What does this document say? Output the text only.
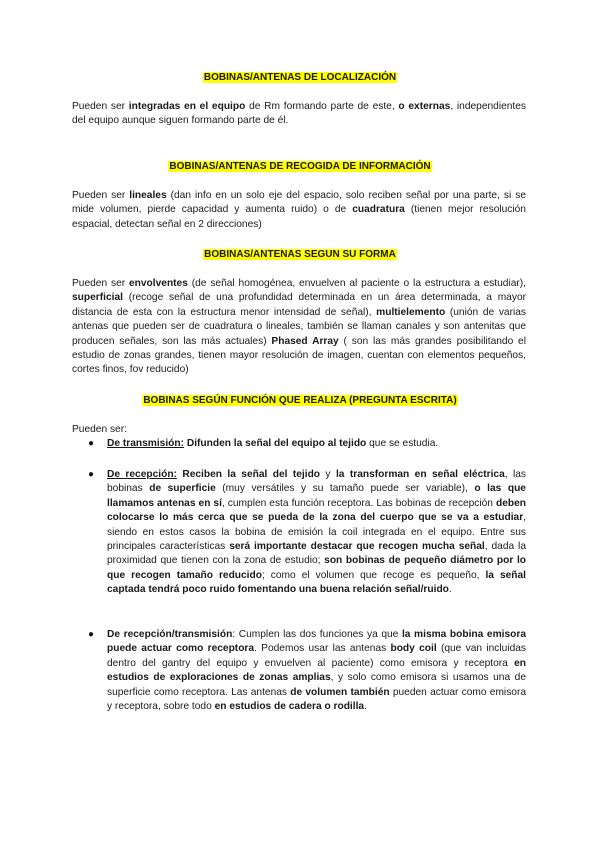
BOBINAS/ANTENAS DE LOCALIZACIÓN

Pueden ser integradas en el equipo de Rm formando parte de este, o externas, independientes del equipo aunque siguen formando parte de él.

BOBINAS/ANTENAS DE RECOGIDA DE INFORMACIÓN

Pueden ser lineales (dan info en un solo eje del espacio, solo reciben señal por una parte, si se mide volumen, pierde capacidad y aumenta ruido) o de cuadratura (tienen mejor resolución espacial, detectan señal en 2 direcciones)

BOBINAS/ANTENAS SEGUN SU FORMA

Pueden ser envolventes (de señal homogénea, envuelven al paciente o la estructura a estudiar), superficial (recoge señal de una profundidad determinada en un área determinada, a mayor distancia de esta con la estructura menor intensidad de señal), multielemento (unión de varias antenas que pueden ser de cuadratura o lineales, también se llaman canales y son antenitas que producen señales, son las más actuales) Phased Array ( son las más grandes posibilitando el estudio de zonas grandes, tienen mayor resolución de imagen, cuentan con elementos pequeños, cortes finos, fov reducido)

BOBINAS SEGÚN FUNCIÓN QUE REALIZA (PREGUNTA ESCRITA)

Pueden ser:

● De transmisión: Difunden la señal del equipo al tejido que se estudia.
● De recepción: Reciben la señal del tejido y la transforman en señal eléctrica, las bobinas de superficie (muy versátiles y su tamaño puede ser variable), o las que llamamos antenas en sí, cumplen esta función receptora. Las bobinas de recepción deben colocarse lo más cerca que se pueda de la zona del cuerpo que se va a estudiar, siendo en estos casos la bobina de emisión la coil integrada en el equipo. Entre sus principales características será importante destacar que recogen mucha señal, dada la proximidad que tienen con la zona de estudio; son bobinas de pequeño diámetro por lo que recogen tamaño reducido; como el volumen que recoge es pequeño, la señal captada tendrá poco ruido fomentando una buena relación señal/ruido.
● De recepción/transmisión: Cumplen las dos funciones ya que la misma bobina emisora puede actuar como receptora. Podemos usar las antenas body coil (que van incluidas dentro del gantry del equipo y envuelven al paciente) como emisora y receptora en estudios de exploraciones de zonas amplias, y solo como emisora si usamos una de superficie como receptora. Las antenas de volumen también pueden actuar como emisora y receptora, sobre todo en estudios de cadera o rodilla.
